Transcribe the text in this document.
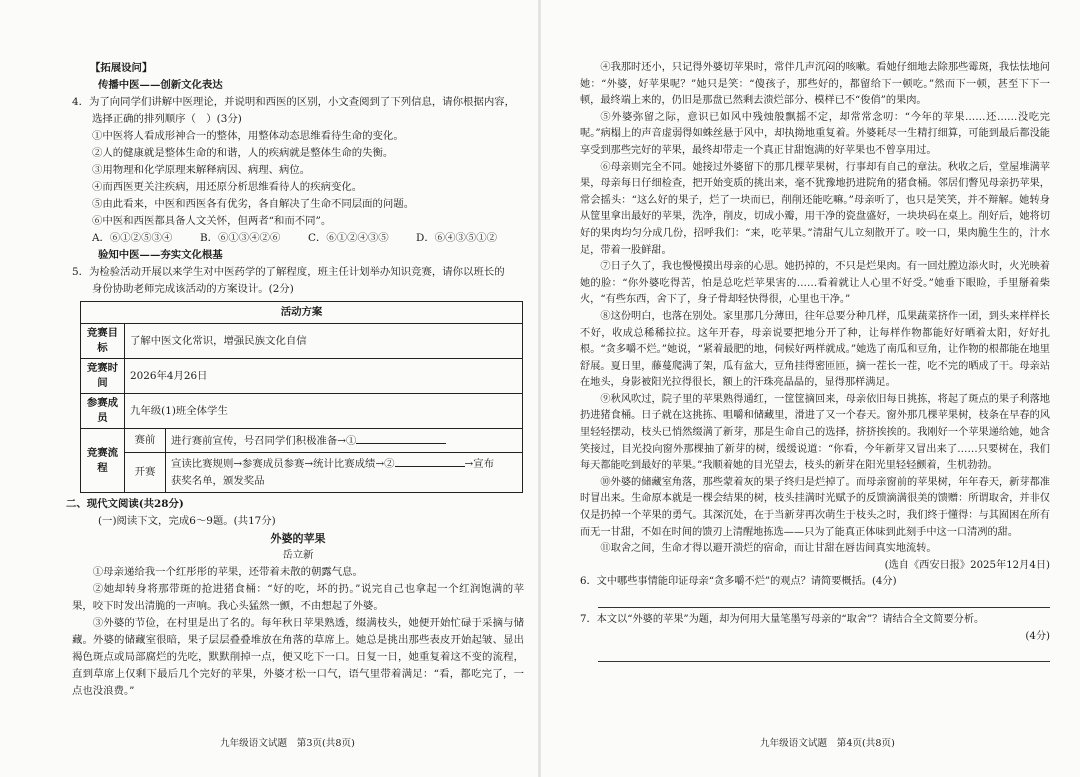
【拓展设问】
传播中医——创新文化表达
4．为了向同学们讲解中医理论，并说明和西医的区别，小文查阅到了下列信息，请你根据内容，
选择正确的排列顺序（　）(3分)
①中医将人看成形神合一的整体，用整体动态思维看待生命的变化。
②人的健康就是整体生命的和谐，人的疾病就是整体生命的失衡。
③用物理和化学原理来解释病因、病理、病位。
④而西医更关注疾病，用还原分析思维看待人的疾病变化。
⑤由此看来，中医和西医各有优劣，各自解决了生命不同层面的问题。
⑥中医和西医都具备人文关怀，但两者“和而不同”。
A．⑥①②⑤③④	B．⑥①③④②⑥	C．⑥①②④③⑤	D．⑥④③⑤①②
验知中医——夯实文化根基
5．为检验活动开展以来学生对中医药学的了解程度，班主任计划举办知识竞赛，请你以班长的
身份协助老师完成该活动的方案设计。(2分)
活动方案		
竞赛目标	了解中医文化常识，增强民族文化自信	
竞赛时间	2026年4月26日	
参赛成员	九年级(1)班全体学生	
竞赛流程	赛前	进行赛前宣传，号召同学们积极准备→①
	开赛	宣读比赛规则→参赛成员参赛→统计比赛成绩→② →宣布
获奖名单，颁发奖品
二、现代文阅读(共28分)
(一)阅读下文，完成6～9题。(共17分)
外婆的苹果
岳立新

①母亲递给我一个红彤彤的苹果，还带着未散的朝露气息。

②她却转身将那带斑的抢进猪食桶：“好的吃，坏的扔。”说完自己也拿起一个红润饱满的苹果，咬下时发出清脆的一声响。我心头猛然一颤，不由想起了外婆。

③外婆的节俭，在村里是出了名的。每年秋日苹果熟透，缀满枝头，她便开始忙碌于采摘与储藏。外婆的储藏室很暗，果子层层叠叠堆放在角落的草席上。她总是挑出那些表皮开始起皱、显出褐色斑点或局部腐烂的先吃，默默削掉一点，便又吃下一口。日复一日，她重复着这不变的流程，直到草席上仅剩下最后几个完好的苹果，外婆才松一口气，语气里带着满足：“看，都吃完了，一点也没浪费。”

九年级语文试题　第3页(共8页)

④我那时还小，只记得外婆切苹果时，常伴几声沉闷的咳嗽。看她仔细地去除那些霉斑，我怯怯地问她：“外婆，好苹果呢？”她只是笑：“傻孩子，那些好的，都留给下一顿吃。”然而下一顿，甚至下下一顿，最终端上来的，仍旧是那盘已然剩去溃烂部分、模样已不“俊俏”的果肉。

⑤外婆弥留之际，意识已如风中残烛般飘摇不定，却常常念叨：“今年的苹果……还……没吃完呢。”病榻上的声音虚弱得如蛛丝悬于风中，却执拗地重复着。外婆耗尽一生精打细算，可能到最后都没能享受到那些完好的苹果，最终却带走一个真正甘甜饱满的好苹果也不曾享用过。

⑥母亲则完全不同。她接过外婆留下的那几棵苹果树，行事却有自己的章法。秋收之后，堂屋堆满苹果，母亲每日仔细检查，把开始变质的挑出来，毫不犹豫地扔进院角的猪食桶。邻居们瞥见母亲扔苹果，常会摇头：“这么好的果子，烂了一块而已，削削还能吃嘛。”母亲听了，也只是笑笑，并不辩解。她转身从筐里拿出最好的苹果，洗净，削皮，切成小瓣，用干净的瓷盘盛好，一块块码在桌上。削好后，她将切好的果肉均匀分成几份，招呼我们：“来，吃苹果。”清甜气儿立刻散开了。咬一口，果肉脆生生的，汁水足，带着一股鲜甜。

⑦日子久了，我也慢慢摸出母亲的心思。她扔掉的，不只是烂果肉。有一回灶膛边添火时，火光映着她的脸：“你外婆吃得苦，怕是总吃烂苹果害的……看着就让人心里不好受。”她垂下眼睑，手里掰着柴火，“有些东西，舍下了，身子骨却轻快得很，心里也干净。”

⑧这份明白，也落在别处。家里那几分薄田，往年总要分种几样，瓜果蔬菜挤作一团，到头来样样长不好，收成总稀稀拉拉。这年开春，母亲说要把地分开了种，让每样作物都能好好晒着太阳，好好扎根。“贪多嚼不烂。”她说，“紧着最肥的地，伺候好两样就成。”她选了南瓜和豆角，让作物的根都能在地里舒展。夏日里，藤蔓爬满了架，瓜有盆大，豆角挂得密匝匝，摘一茬长一茬，吃不完的晒成了干。母亲站在地头，身影被阳光拉得很长，额上的汗珠亮晶晶的，显得那样满足。

⑨秋风吹过，院子里的苹果熟得通红，一筐筐摘回来，母亲依旧每日挑拣，将起了斑点的果子利落地扔进猪食桶。日子就在这挑拣、咀嚼和储藏里，滑进了又一个春天。窗外那几棵苹果树，枝条在早春的风里轻轻摆动，枝头已悄然缀满了新芽，那是生命自己的选择，挤挤挨挨的。我刚好一个苹果递给她，她含笑接过，目光投向窗外那棵抽了新芽的树，缓缓说道：“你看，今年新芽又冒出来了……只要树在，我们每天都能吃到最好的苹果。”我顺着她的目光望去，枝头的新芽在阳光里轻轻颤着，生机勃勃。

⑩外婆的储藏室角落，那些蒙着灰的果子终归是烂掉了。而母亲窗前的苹果树，年年春天，新芽都准时冒出来。生命原本就是一棵会结果的树，枝头挂满时光赋予的反馈滴满很美的馈赠：所谓取舍，并非仅仅是扔掉一个苹果的勇气。其深沉处，在于当新芽再次萌生于枝头之时，我们终于懂得：与其囿困在所有而无一甘甜，不如在时间的馈刃上清醒地拣选——只为了能真正体味到此刻手中这一口清冽的甜。

⑪取舍之间，生命才得以避开溃烂的宿命，而让甘甜在唇齿间真实地流转。

(选自《西安日报》2025年12月4日)
6．文中哪些事情能印证母亲“贪多嚼不烂”的观点？请简要概括。(4分)
7．本文以“外婆的苹果”为题，却为何用大量笔墨写母亲的“取舍”？请结合全文简要分析。
(4分)
九年级语文试题　第4页(共8页)
